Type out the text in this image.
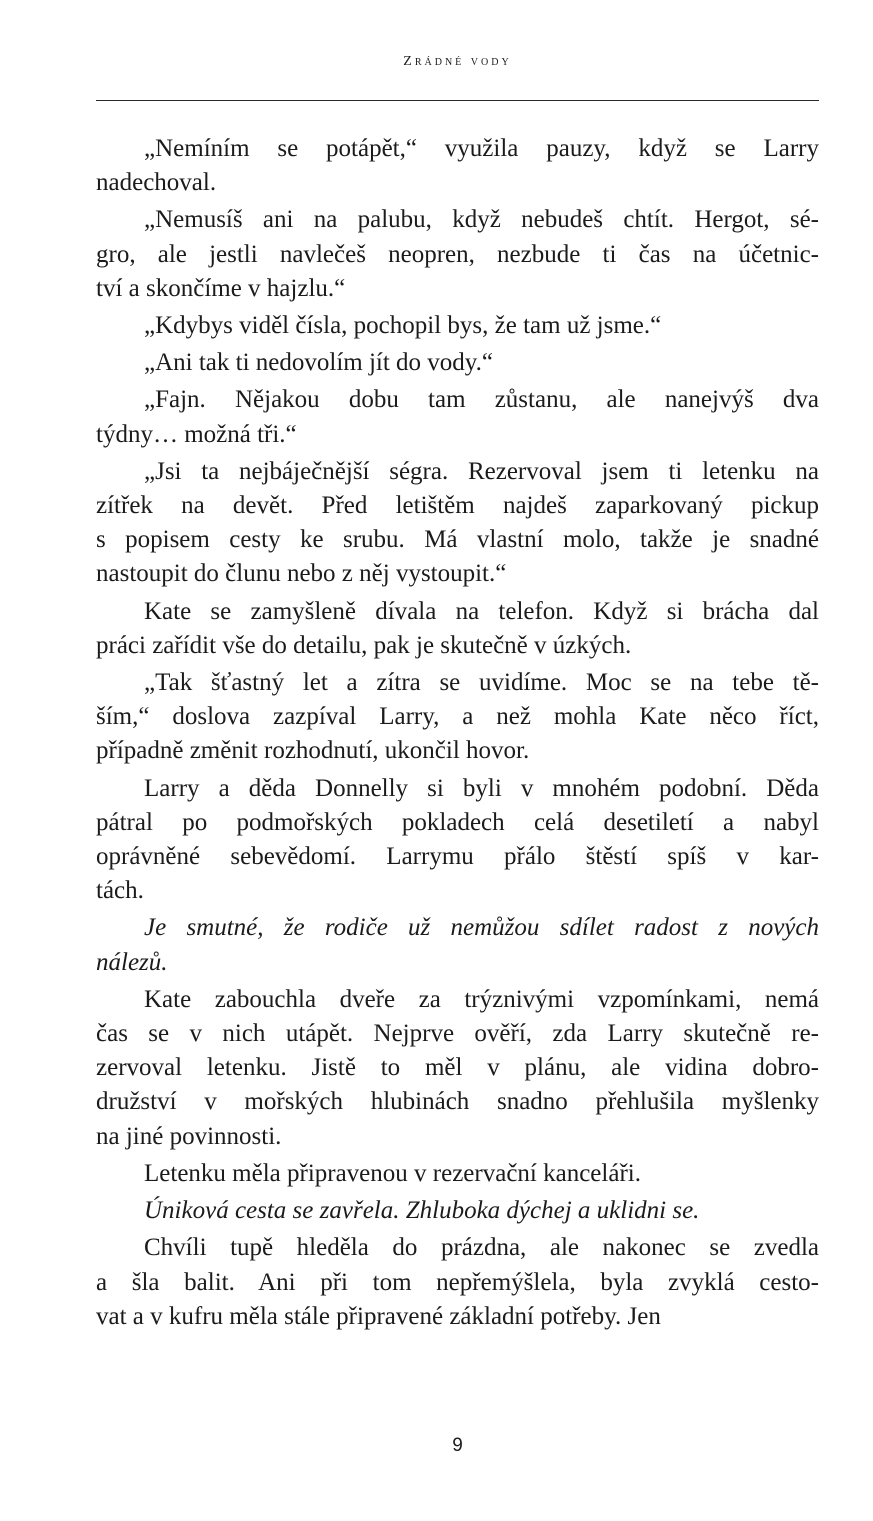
Zrádné vody
„Nemíním se potápět,“ využila pauzy, když se Larry
nadechoval.
„Nemusíš ani na palubu, když nebudeš chtít. Hergot, sé-
gro, ale jestli navlečeš neopren, nezbude ti čas na účetnic-
tví a skončíme v hajzlu.“
„Kdybys viděl čísla, pochopil bys, že tam už jsme.“
„Ani tak ti nedovolím jít do vody.“
„Fajn. Nějakou dobu tam zůstanu, ale nanejvýš dva
týdny… možná tři.“
„Jsi ta nejbáječnější ségra. Rezervoval jsem ti letenku na
zítřek na devět. Před letištěm najdeš zaparkovaný pickup
s popisem cesty ke srubu. Má vlastní molo, takže je snadné
nastoupit do člunu nebo z něj vystoupit.“
Kate se zamyšleně dívala na telefon. Když si brácha dal
práci zařídit vše do detailu, pak je skutečně v úzkých.
„Tak šťastný let a zítra se uvidíme. Moc se na tebe tě-
ším,“ doslova zazpíval Larry, a než mohla Kate něco říct,
případně změnit rozhodnutí, ukončil hovor.
Larry a děda Donnelly si byli v mnohém podobní. Děda
pátral po podmořských pokladech celá desetiletí a nabyl
oprávněné sebevědomí. Larrymu přálo štěstí spíš v kar-
tách.
Je smutné, že rodiče už nemůžou sdílet radost z nových
nálezů.
Kate zabouchla dveře za trýznivými vzpomínkami, nemá
čas se v nich utápět. Nejprve ověří, zda Larry skutečně re-
zervoval letenku. Jistě to měl v plánu, ale vidina dobro-
družství v mořských hlubinách snadno přehlušila myšlenky
na jiné povinnosti.
Letenku měla připravenou v rezervační kanceláři.
Úniková cesta se zavřela. Zhluboka dýchej a uklidni se.
Chvíli tupě hleděla do prázdna, ale nakonec se zvedla
a šla balit. Ani při tom nepřemýšlela, byla zvyklá cesto-
vat a v kufru měla stále připravené základní potřeby. Jen
9
